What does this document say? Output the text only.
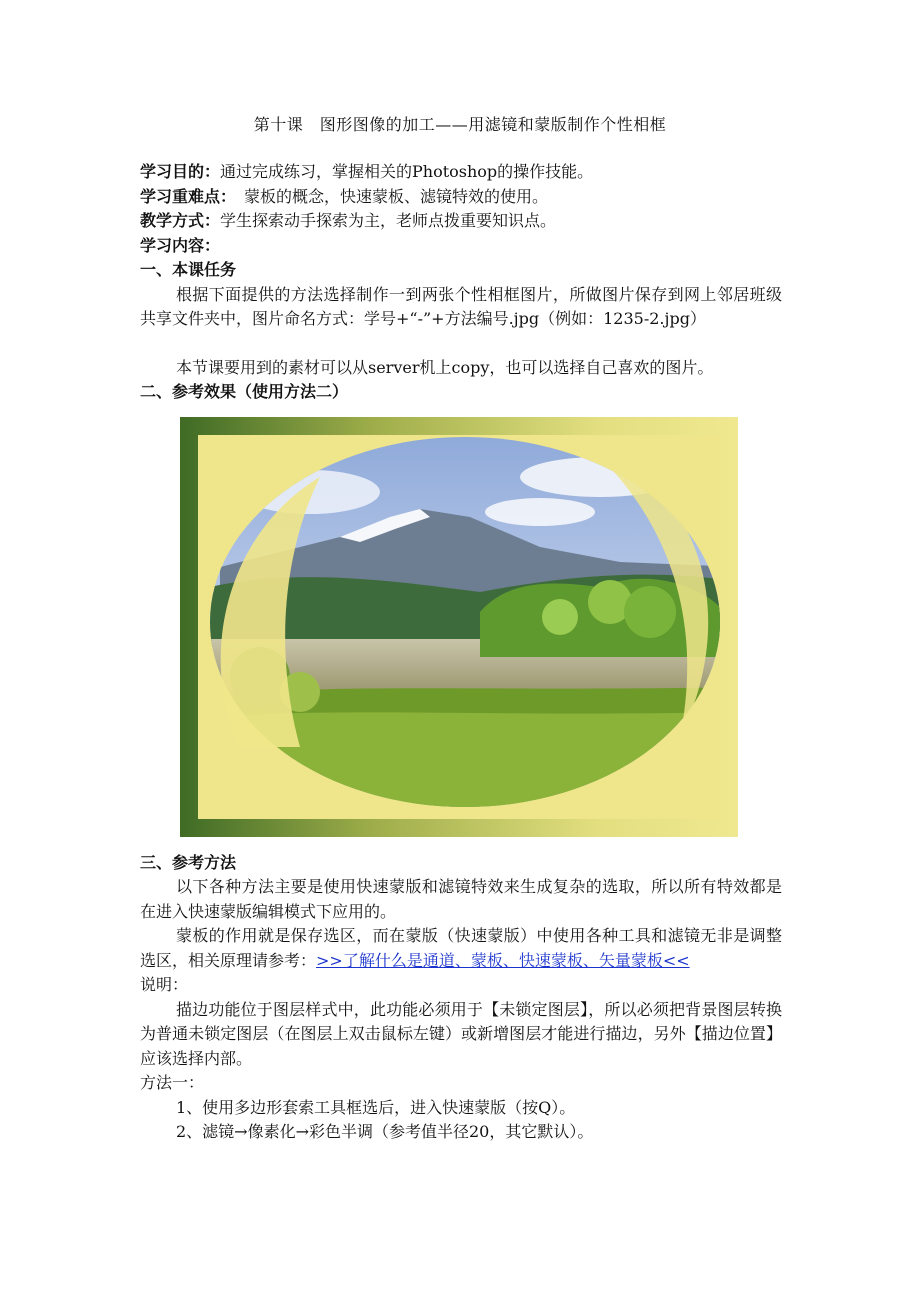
第十课　图形图像的加工——用滤镜和蒙版制作个性相框
学习目的：通过完成练习，掌握相关的Photoshop的操作技能。
学习重难点：　蒙板的概念，快速蒙板、滤镜特效的使用。
教学方式：学生探索动手探索为主，老师点拨重要知识点。
学习内容：
一、本课任务
根据下面提供的方法选择制作一到两张个性相框图片，所做图片保存到网上邻居班级共享文件夹中，图片命名方式：学号+“-”+方法编号.jpg（例如：1235-2.jpg）
本节课要用到的素材可以从server机上copy，也可以选择自己喜欢的图片。
二、参考效果（使用方法二）
三、参考方法
以下各种方法主要是使用快速蒙版和滤镜特效来生成复杂的选取，所以所有特效都是在进入快速蒙版编辑模式下应用的。
蒙板的作用就是保存选区，而在蒙版（快速蒙版）中使用各种工具和滤镜无非是调整选区，相关原理请参考：>>了解什么是通道、蒙板、快速蒙板、矢量蒙板<<
说明：
描边功能位于图层样式中，此功能必须用于【未锁定图层】，所以必须把背景图层转换为普通未锁定图层（在图层上双击鼠标左键）或新增图层才能进行描边，另外【描边位置】应该选择内部。
方法一：
1、使用多边形套索工具框选后，进入快速蒙版（按Q）。
2、滤镜→像素化→彩色半调（参考值半径20，其它默认）。
